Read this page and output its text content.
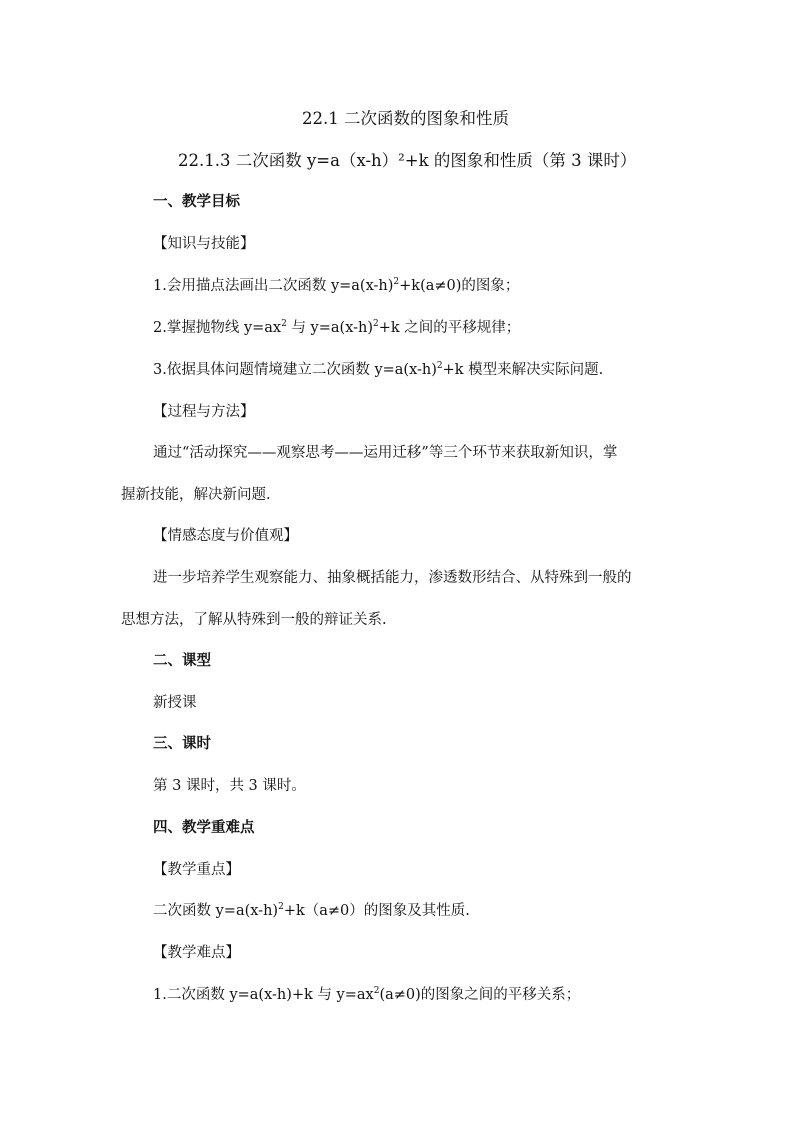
22.1 二次函数的图象和性质
22.1.3 二次函数 y=a（x-h）²+k 的图象和性质（第 3 课时）
一、教学目标
【知识与技能】
1.会用描点法画出二次函数 $y=a(x-h)^2+k(a\ne 0)$的图象；
2.掌握抛物线 $y=ax^2$ 与 $y=a(x-h)^2+k$ 之间的平移规律；
3.依据具体问题情境建立二次函数 $y=a(x-h)^2+k$ 模型来解决实际问题.
【过程与方法】
通过“活动探究——观察思考——运用迁移”等三个环节来获取新知识，掌
握新技能，解决新问题.
【情感态度与价值观】
进一步培养学生观察能力、抽象概括能力，渗透数形结合、从特殊到一般的
思想方法，了解从特殊到一般的辩证关系.
二、课型
新授课
三、课时
第 3 课时，共 3 课时。
四、教学重难点
【教学重点】
二次函数 $y=a(x-h)^2+k(a\ne 0)$的图象及其性质.
【教学难点】
1.二次函数 y=a(x-h)+k 与 $y=ax^2(a\ne 0)$的图象之间的平移关系；
